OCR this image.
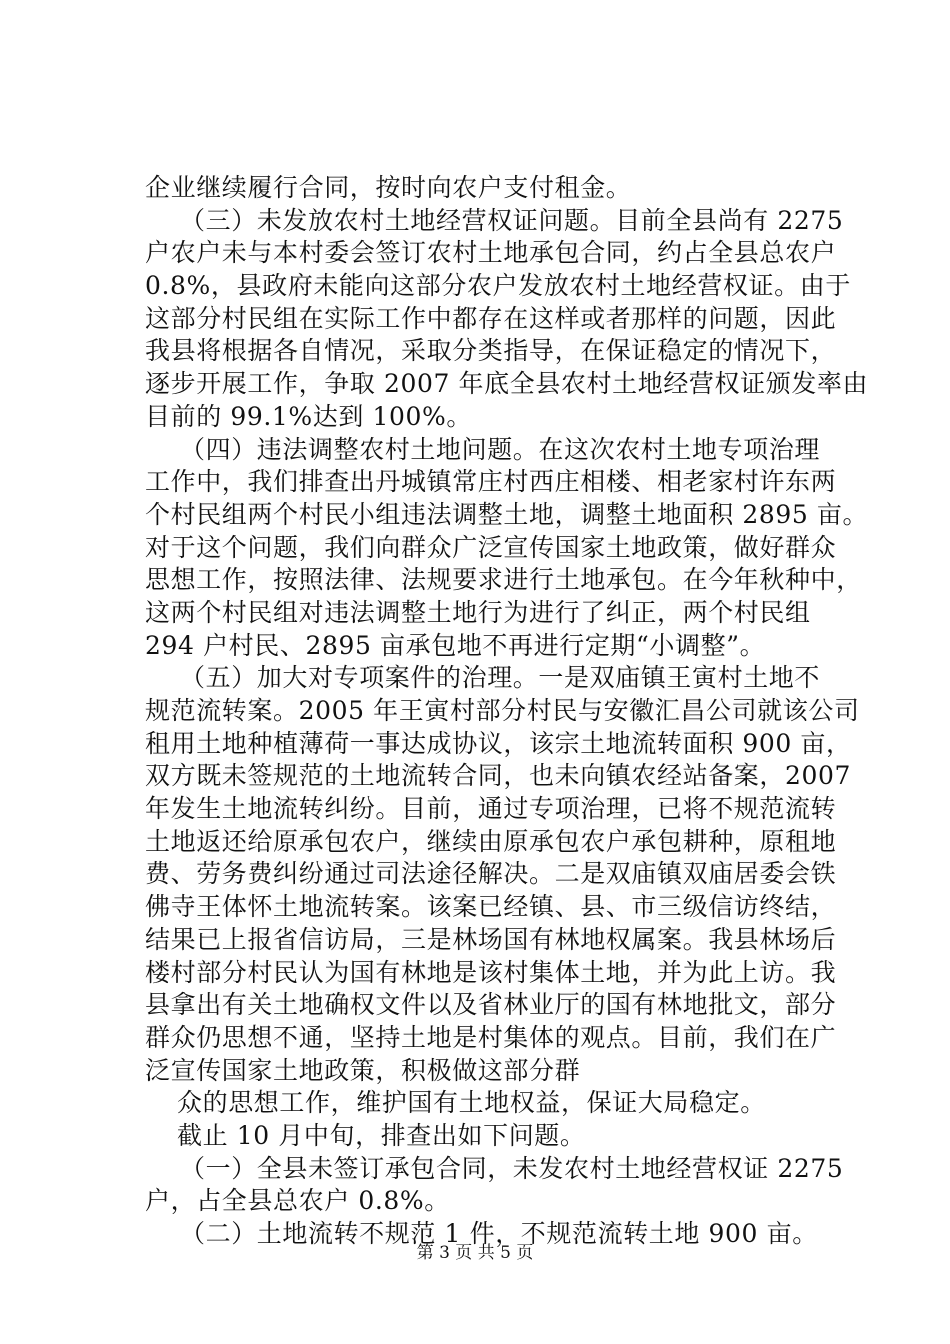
企业继续履行合同，按时向农户支付租金。
（三）未发放农村土地经营权证问题。目前全县尚有 2275
户农户未与本村委会签订农村土地承包合同，约占全县总农户
0.8%，县政府未能向这部分农户发放农村土地经营权证。由于
这部分村民组在实际工作中都存在这样或者那样的问题，因此
我县将根据各自情况，采取分类指导，在保证稳定的情况下，
逐步开展工作，争取 2007 年底全县农村土地经营权证颁发率由
目前的 99.1%达到 100%。
（四）违法调整农村土地问题。在这次农村土地专项治理
工作中，我们排查出丹城镇常庄村西庄相楼、相老家村许东两
个村民组两个村民小组违法调整土地，调整土地面积 2895 亩。
对于这个问题，我们向群众广泛宣传国家土地政策，做好群众
思想工作，按照法律、法规要求进行土地承包。在今年秋种中，
这两个村民组对违法调整土地行为进行了纠正，两个村民组
294 户村民、2895 亩承包地不再进行定期“小调整”。
（五）加大对专项案件的治理。一是双庙镇王寅村土地不
规范流转案。2005 年王寅村部分村民与安徽汇昌公司就该公司
租用土地种植薄荷一事达成协议，该宗土地流转面积 900 亩，
双方既未签规范的土地流转合同，也未向镇农经站备案，2007
年发生土地流转纠纷。目前，通过专项治理，已将不规范流转
土地返还给原承包农户，继续由原承包农户承包耕种，原租地
费、劳务费纠纷通过司法途径解决。二是双庙镇双庙居委会铁
佛寺王体怀土地流转案。该案已经镇、县、市三级信访终结，
结果已上报省信访局，三是林场国有林地权属案。我县林场后
楼村部分村民认为国有林地是该村集体土地，并为此上访。我
县拿出有关土地确权文件以及省林业厅的国有林地批文，部分
群众仍思想不通，坚持土地是村集体的观点。目前，我们在广
泛宣传国家土地政策，积极做这部分群
众的思想工作，维护国有土地权益，保证大局稳定。
截止 10 月中旬，排查出如下问题。
（一）全县未签订承包合同，未发农村土地经营权证 2275
户，占全县总农户 0.8%。
（二）土地流转不规范 1 件，不规范流转土地 900 亩。
第 3 页 共 5 页
